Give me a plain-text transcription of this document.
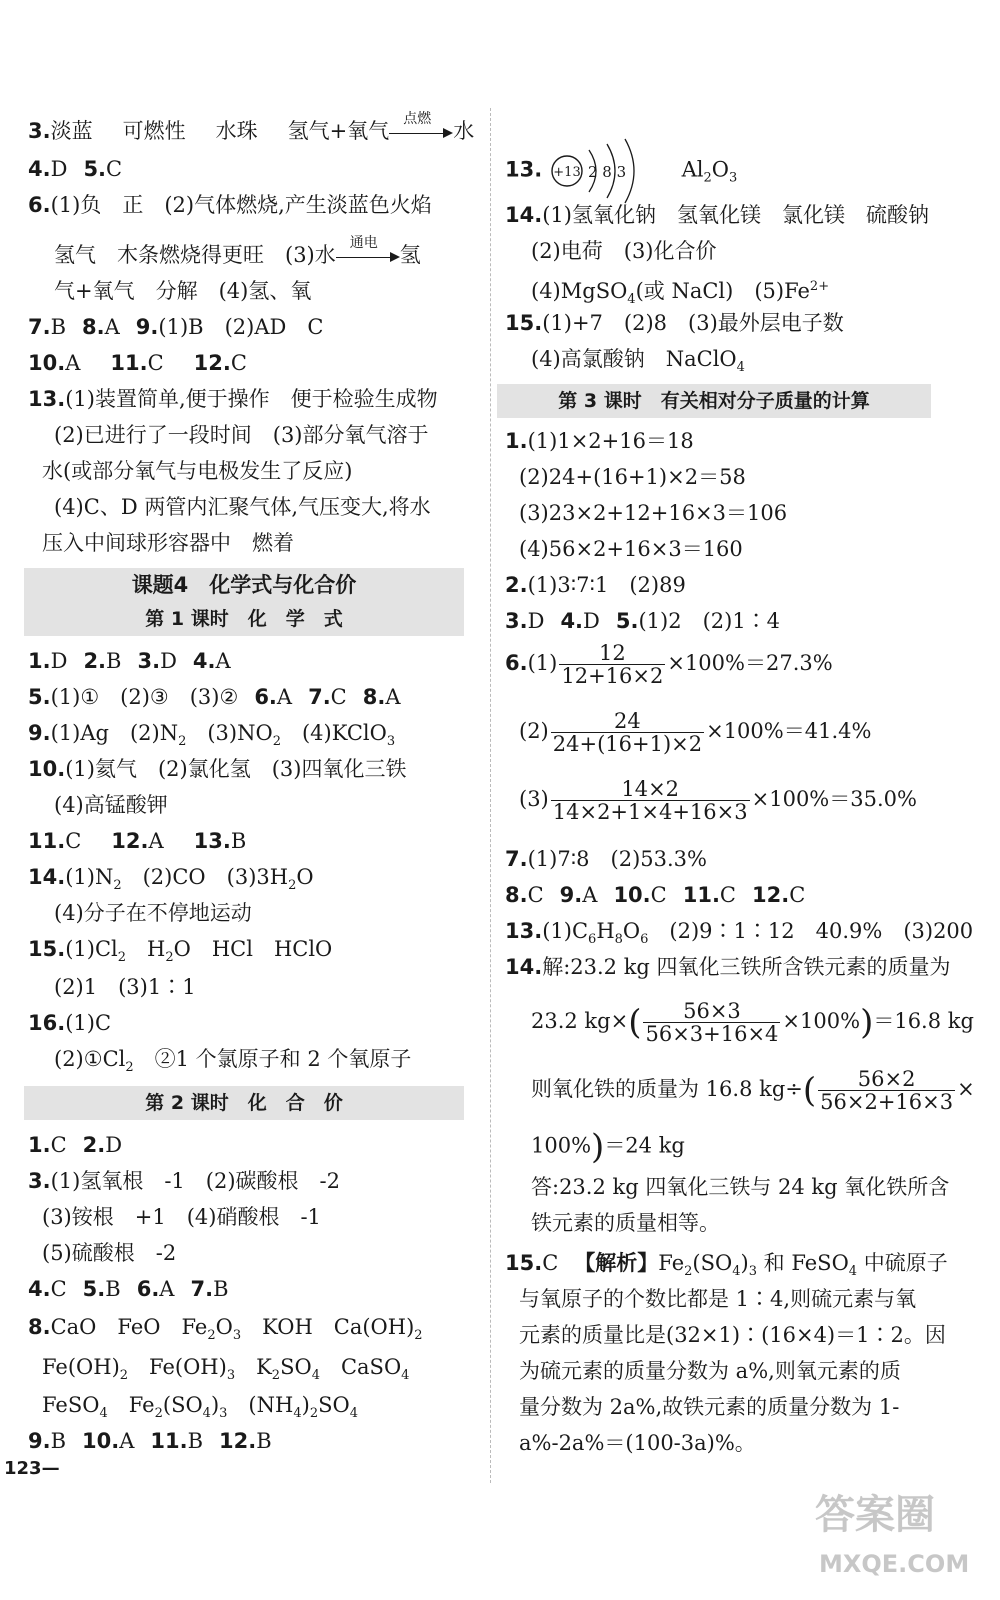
3.淡蓝 可燃性 水珠 氢气+氧气
点燃
水
4.D 5.C
6.(1)负　正　(2)气体燃烧,产生淡蓝色火焰
氢气　木条燃烧得更旺　(3)水
通电
氢
气+氧气　分解　(4)氢、氧
7.B 8.A 9.(1)B　(2)AD　C
10.A 11.C 12.C
13.(1)装置简单,便于操作　便于检验生成物
(2)已进行了一段时间　(3)部分氧气溶于
水(或部分氧气与电极发生了反应)
(4)C、D 两管内汇聚气体,气压变大,将水
压入中间球形容器中　燃着
课题4　化学式与化合价
第 1 课时　化　学　式
1.D 2.B 3.D 4.A
5.(1)①　(2)③　(3)② 6.A 7.C 8.A
9.(1)Ag　$(2)N_2$　$(3)NO_2$　(4)KClO$_3$
10.(1)氦气　(2)氯化氢　(3)四氧化三铁
(4)高锰酸钾
11.C 12.A 13.B
$14.(1)N_2$　(2)CO　$(3)3H_2O$
(4)分子在不停地运动
$15.(1)Cl_2$　$H_2O$　HCl　HClO
(2)1　(3)1∶1
16.(1)C
$(2)①Cl_2$　②1 个氯原子和 2 个氧原子
第 2 课时　化　合　价
1.C 2.D
3.(1)氢氧根　-1　(2)碳酸根　-2
(3)铵根　+1　(4)硝酸根　-1
(5)硫酸根　-2
4.C 5.B 6.A 7.B
8.CaO　FeO　$Fe_2O_3$　KOH　$Ca(OH)_2$
$Fe(OH)_2$　$Fe(OH)_3$　$K_2SO_4$　CaSO$_4$
FeSO$_4$　$Fe_2(SO_4)_3$　$(NH_4)_2SO_4$
9.B 10.A 11.B 12.B
13. +13 2 8 3	$Al_2O_3$
14.(1)氢氧化钠　氢氧化镁　氯化镁　硫酸钠
(2)电荷　(3)化合价
(4)MgSO$_4$(或 NaCl)　$(5)Fe^{2+}$
15.(1)+7　(2)8　(3)最外层电子数
(4)高氯酸钠　NaClO$_4$
第 3 课时　有关相对分子质量的计算
1.(1)1×2+16＝18
(2)24+(16+1)×2＝58
(3)23×2+12+16×3＝106
(4)56×2+16×3＝160
2.(1)3∶7∶1　(2)89
3.D 4.D 5.(1)2　(2)1∶4
$6.(1) \frac{12}{12+16\times 2} \times 100\%=27.3\%$
$(2) \frac{24}{24+(16+1)\times 2} \times 100\%=41.4\%$
$(3) \frac{14\times 2}{14\times 2+1\times 4+16\times 3} \times 100\%=35.0\%$
7.(1)7∶8　(2)53.3%
8.C 9.A 10.C 11.C 12.C
$13.(1)C_6H_8O_6$　(2)9∶1∶12　40.9%　(3)200
14.解:23.2 kg 四氧化三铁所含铁元素的质量为
23.2 $kg\times( \frac{56\times 3}{56\times 3+16\times 4} \times 100\%)=16.8$ kg
则氧化铁的质量为 16.8 $kg\div( \frac{56\times 2}{56\times 2+16\times 3}$ ×
100%)＝24 kg
答:23.2 kg 四氧化三铁与 24 kg 氧化铁所含
铁元素的质量相等。
15.C 【解析】$Fe_2(SO_4)_3$ 和 FeSO$_4$ 中硫原子
与氧原子的个数比都是 1∶4,则硫元素与氧
元素的质量比是(32×1)∶(16×4)＝1∶2。因
为硫元素的质量分数为 a%,则氧元素的质
量分数为 2a%,故铁元素的质量分数为 1-
a%-2a%＝(100-3a)%。
123—
答案圈
MXQE.COM
